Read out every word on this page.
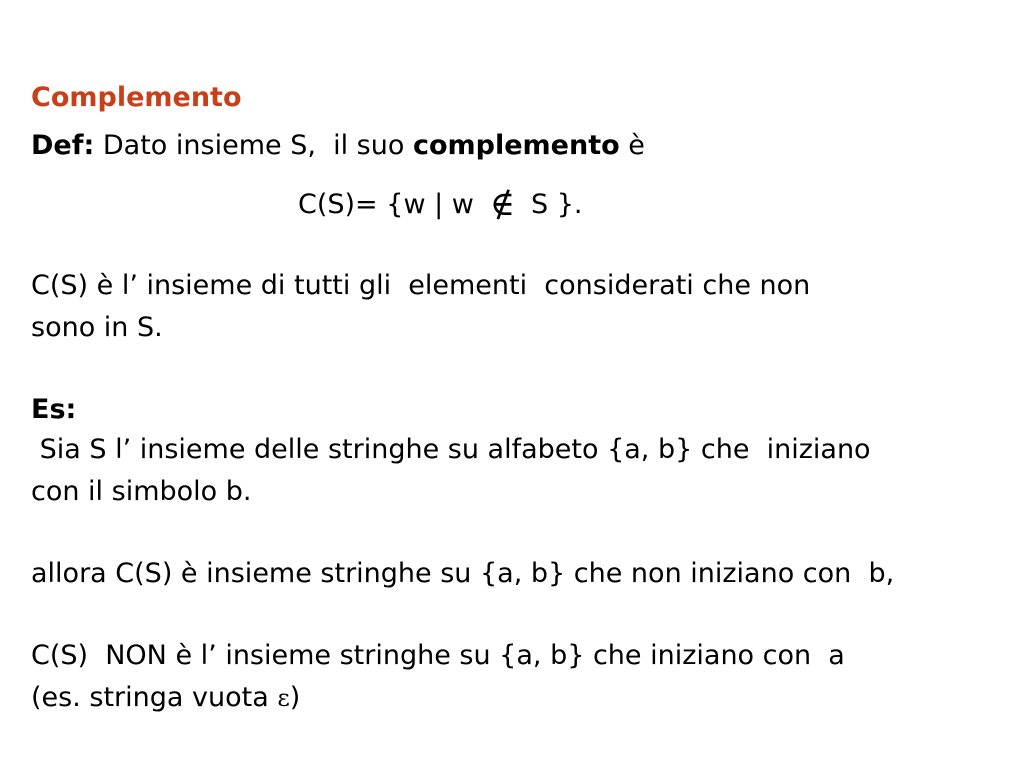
Complemento
Def: Dato insieme S,  il suo complemento è
C(S)= {w | w ∉ S }.
C(S) è l’ insieme di tutti gli  elementi  considerati che non
sono in S.
Es:
Sia S l’ insieme delle stringhe su alfabeto {a, b} che  iniziano
con il simbolo b.
allora C(S) è insieme stringhe su {a, b} che non iniziano con  b,
C(S)  NON è l’ insieme stringhe su {a, b} che iniziano con  a
(es. stringa vuota ε)
